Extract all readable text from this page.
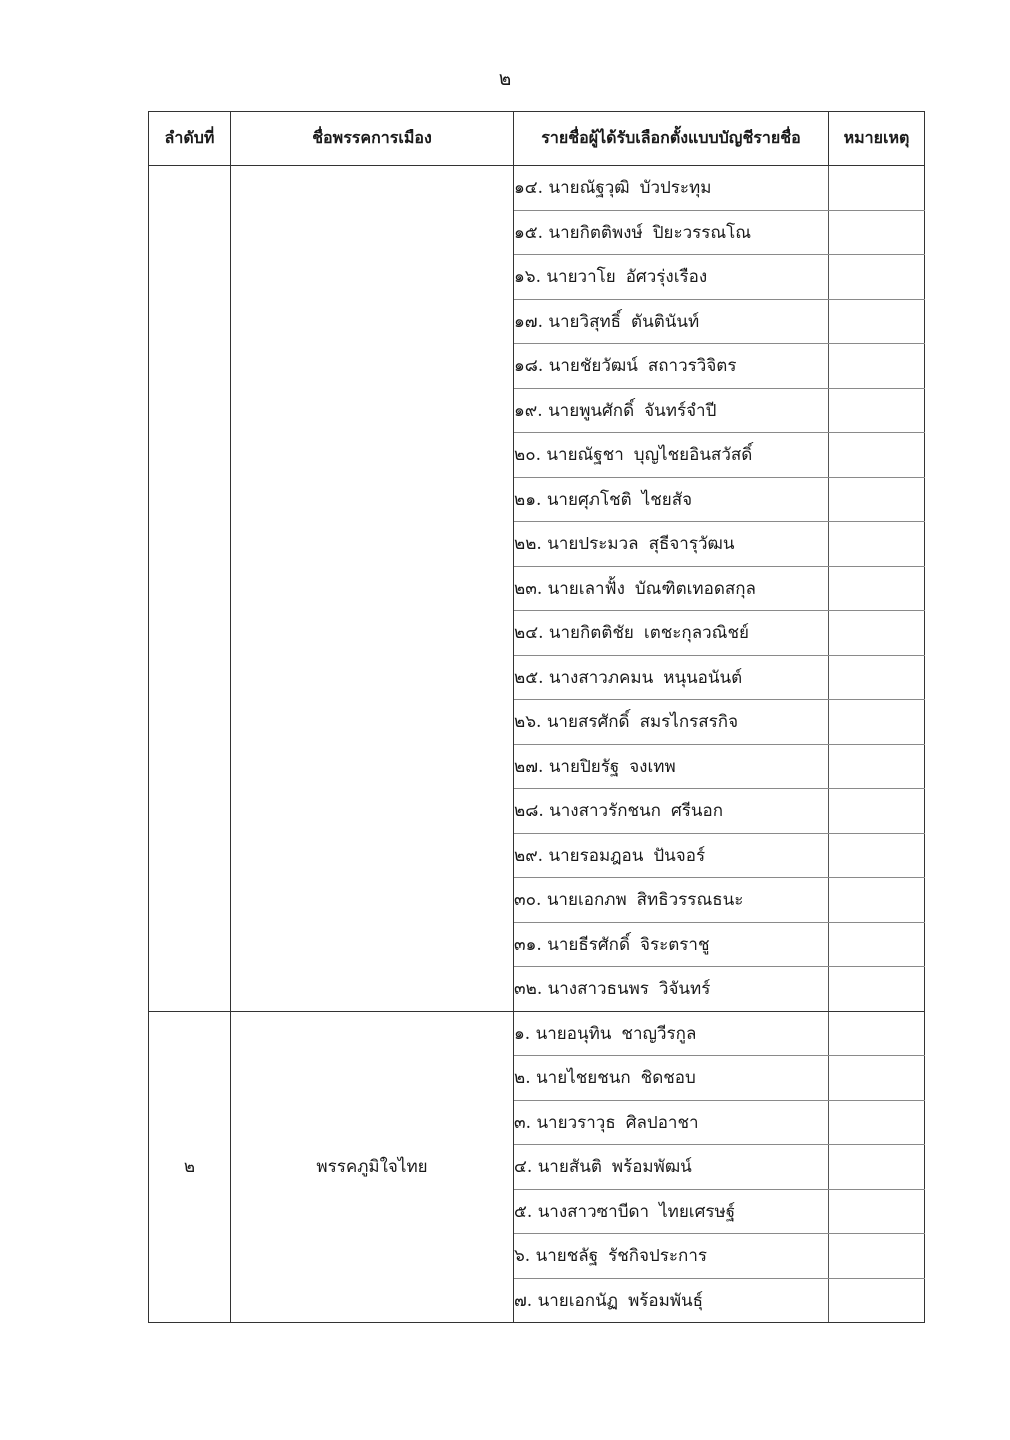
๒
ลำดับที่	ชื่อพรรคการเมือง	รายชื่อผู้ได้รับเลือกตั้งแบบบัญชีรายชื่อ	หมายเหตุ
		๑๔. นายณัฐวุฒิ บัวประทุม	
		๑๕. นายกิตติพงษ์ ปิยะวรรณโณ	
		๑๖. นายวาโย อัศวรุ่งเรือง	
		๑๗. นายวิสุทธิ์ ตันตินันท์	
		๑๘. นายชัยวัฒน์ สถาวรวิจิตร	
		๑๙. นายพูนศักดิ์ จันทร์จำปี	
		๒๐. นายณัฐชา บุญไชยอินสวัสดิ์	
		๒๑. นายศุภโชติ ไชยสัจ	
		๒๒. นายประมวล สุธีจารุวัฒน	
		๒๓. นายเลาฟั้ง บัณฑิตเทอดสกุล	
		๒๔. นายกิตติชัย เตชะกุลวณิชย์	
		๒๕. นางสาวภคมน หนุนอนันต์	
		๒๖. นายสรศักดิ์ สมรไกรสรกิจ	
		๒๗. นายปิยรัฐ จงเทพ	
		๒๘. นางสาวรักชนก ศรีนอก	
		๒๙. นายรอมฎอน ปันจอร์	
		๓๐. นายเอกภพ สิทธิวรรณธนะ	
		๓๑. นายธีรศักดิ์ จิระตราชู	
		๓๒. นางสาวธนพร วิจันทร์	
๒	พรรคภูมิใจไทย	๑. นายอนุทิน ชาญวีรกูล	
		๒. นายไชยชนก ชิดชอบ	
		๓. นายวราวุธ ศิลปอาชา	
		๔. นายสันติ พร้อมพัฒน์	
		๕. นางสาวซาบีดา ไทยเศรษฐ์	
		๖. นายชลัฐ รัชกิจประการ	
		๗. นายเอกนัฏ พร้อมพันธุ์	
